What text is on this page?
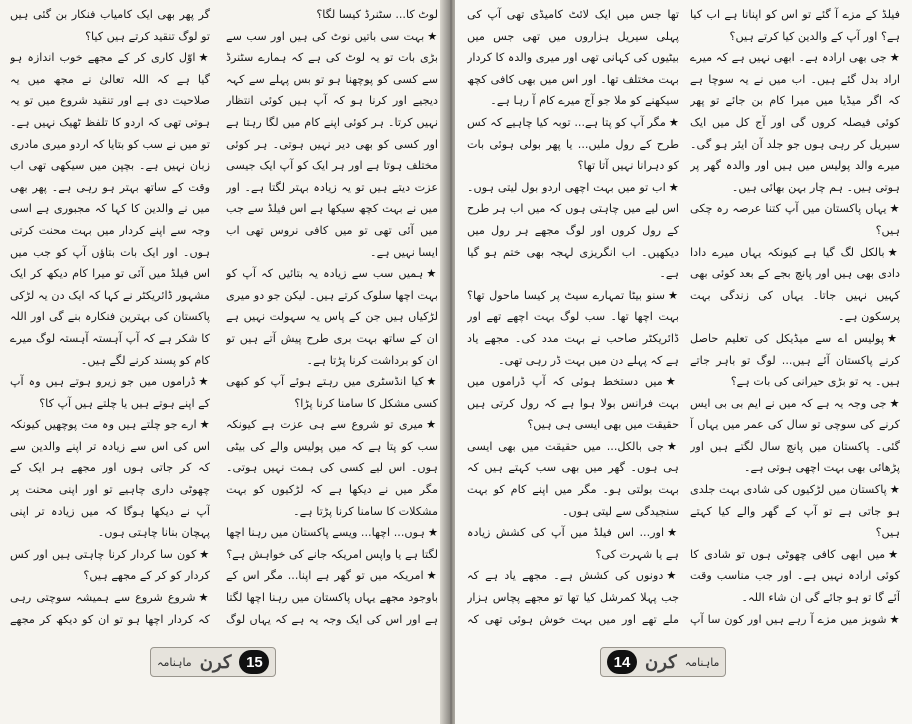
گر پھر بھی ایک کامیاب فنکار بن گئی ہیں تو لوگ تنقید کرتے ہیں کیا؟
★اوّل کاری کر کے مجھے خوب اندازہ ہو گیا ہے کہ اللہ تعالیٰ نے مجھ میں یہ صلاحیت دی ہے اور تنقید شروع میں تو یہ ہوتی تھی کہ اردو کا تلفظ ٹھیک نہیں ہے۔ تو میں نے سب کو بتایا کہ اردو میری مادری زبان نہیں ہے۔ بچپن میں سیکھی تھی اب وقت کے ساتھ بہتر ہو رہی ہے۔ پھر بھی میں نے والدین کا کہا کہ مجبوری ہے اسی وجہ سے اپنے کردار میں بہت محنت کرتی ہوں۔ اور ایک بات بتاؤں آپ کو جب میں اس فیلڈ میں آئی تو میرا کام دیکھ کر ایک مشہور ڈائریکٹر نے کہا کہ ایک دن یہ لڑکی پاکستان کی بہترین فنکارہ بنے گی اور اللہ کا شکر ہے کہ آپ آہستہ آہستہ لوگ میرے کام کو پسند کرنے لگے ہیں۔
★ڈراموں میں جو زیرو ہوتے ہیں وہ آپ کے اپنے ہوتے ہیں یا چلتے ہیں آپ کا؟
★ارے جو چلتے ہیں وہ مت پوچھیں کیونکہ اس کی اس سے زیادہ تر اپنے والدین سے کہ کر جاتی ہوں اور مجھے ہر ایک کے چھوٹی داری چاہیے تو اور اپنی محنت پر آپ نے دیکھا ہوگا کہ میں زیادہ تر اپنی پہچان بنانا چاہتی ہوں۔
★کون سا کردار کرنا چاہتی ہیں اور کس کردار کو کر کے مجھے ہیں؟
★شروع شروع سے ہمیشہ سوچتی رہی کہ کردار اچھا ہو تو ان کو دیکھ کر مجھے
لوٹ کا... سٹنرڈ کیسا لگا؟
★بہت سی باتیں نوٹ کی ہیں اور سب سے بڑی بات تو یہ لوٹ کی ہے کہ ہمارے سٹنرڈ سے کسی کو پوچھنا ہو تو بس پہلے سے کہہ دیجیے اور کرنا ہو کہ آپ ہیں کوئی انتظار نہیں کرتا۔ ہر کوئی اپنے کام میں لگا رہتا ہے اور کسی کو بھی دیر نہیں ہوتی۔ ہر کوئی مختلف ہوتا ہے اور ہر ایک کو آپ ایک جیسی عزت دیتے ہیں تو یہ زیادہ بہتر لگتا ہے۔ اور میں نے بہت کچھ سیکھا ہے اس فیلڈ سے جب میں آئی تھی تو میں کافی نروس تھی اب ایسا نہیں ہے۔
★ہمیں سب سے زیادہ یہ بتائیں کہ آپ کو بہت اچھا سلوک کرتے ہیں۔ لیکن جو دو میری لڑکیاں ہیں جن کے پاس یہ سہولت نہیں ہے ان کے ساتھ بہت بری طرح پیش آتے ہیں تو ان کو برداشت کرنا پڑتا ہے۔
★کیا انڈسٹری میں رہتے ہوئے آپ کو کبھی کسی مشکل کا سامنا کرنا پڑا؟
★میری تو شروع سے ہی عزت ہے کیونکہ سب کو پتا ہے کہ میں پولیس والے کی بیٹی ہوں۔ اس لیے کسی کی ہمت نہیں ہوتی۔ مگر میں نے دیکھا ہے کہ لڑکیوں کو بہت مشکلات کا سامنا کرنا پڑتا ہے۔
★ہوں... اچھا... ویسے پاکستان میں رہنا اچھا لگتا ہے یا واپس امریکہ جانے کی خواہش ہے؟
★امریکہ میں تو گھر ہے اپنا... مگر اس کے باوجود مجھے یہاں پاکستان میں رہنا اچھا لگتا ہے اور اس کی ایک وجہ یہ ہے کہ یہاں لوگ
ماہنامہ کرن 15
تھا جس میں ایک لائٹ کامیڈی تھی آپ کی پہلی سیریل ہزاروں میں تھی جس میں بیٹیوں کی کہانی تھی اور میری والدہ کا کردار بہت مختلف تھا۔ اور اس میں بھی کافی کچھ سیکھنے کو ملا جو آج میرے کام آ رہا ہے۔
★مگر آپ کو پتا ہے... توبہ کیا چاہیے کہ کس طرح کے رول ملیں... یا پھر بولی ہوئی بات کو دہرانا نہیں آتا تھا؟
★اب تو میں بہت اچھی اردو بول لیتی ہوں۔ اس لیے میں چاہتی ہوں کہ میں اب ہر طرح کے رول کروں اور لوگ مجھے ہر رول میں دیکھیں۔ اب انگریزی لہجہ بھی ختم ہو گیا ہے۔
★سنو بیٹا تمہارے سیٹ پر کیسا ماحول تھا؟ بہت اچھا تھا۔ سب لوگ بہت اچھے تھے اور ڈائریکٹر صاحب نے بہت مدد کی۔ مجھے یاد ہے کہ پہلے دن میں بہت ڈر رہی تھی۔
★میں دستخط ہوئی کہ آپ ڈراموں میں بہت فرانس بولا ہوا ہے کہ رول کرتی ہیں حقیقت میں بھی ایسی ہی ہیں؟
★جی بالکل... میں حقیقت میں بھی ایسی ہی ہوں۔ گھر میں بھی سب کہتے ہیں کہ بہت بولتی ہو۔ مگر میں اپنے کام کو بہت سنجیدگی سے لیتی ہوں۔
★اور... اس فیلڈ میں آپ کی کشش زیادہ ہے یا شہرت کی؟
★دونوں کی کشش ہے۔ مجھے یاد ہے کہ جب پہلا کمرشل کیا تھا تو مجھے پچاس ہزار ملے تھے اور میں بہت خوش ہوئی تھی کہ
فیلڈ کے مزے آ گئے تو اس کو اپنانا ہے اب کیا ہے؟ اور آپ کے والدین کیا کرتے ہیں؟
★جی بھی ارادہ ہے۔ ابھی نہیں ہے کہ میرے اراد بدل گئے ہیں۔ اب میں نے یہ سوچا ہے کہ اگر میڈیا میں میرا کام بن جائے تو پھر کوئی فیصلہ کروں گی اور آج کل میں ایک سیریل کر رہی ہوں جو جلد آن ایئر ہو گی۔ میرے والد پولیس میں ہیں اور والدہ گھر پر ہوتی ہیں۔ ہم چار بہن بھائی ہیں۔
★یہاں پاکستان میں آپ کتنا عرصہ رہ چکی ہیں؟
★بالکل لگ گیا ہے کیونکہ یہاں میرے دادا دادی بھی ہیں اور پانچ بجے کے بعد کوئی بھی کہیں نہیں جاتا۔ یہاں کی زندگی بہت پرسکون ہے۔
★پولیس اے سے میڈیکل کی تعلیم حاصل کرنے پاکستان آئے ہیں... لوگ تو باہر جاتے ہیں۔ یہ تو بڑی حیرانی کی بات ہے؟
★جی وجہ یہ ہے کہ میں نے ایم بی بی ایس کرنے کی سوچی تو سال کی عمر میں یہاں آ گئی۔ پاکستان میں پانچ سال لگتے ہیں اور پڑھائی بھی بہت اچھی ہوتی ہے۔
★پاکستان میں لڑکیوں کی شادی بہت جلدی ہو جاتی ہے تو آپ کے گھر والے کیا کہتے ہیں؟
★میں ابھی کافی چھوٹی ہوں تو شادی کا کوئی ارادہ نہیں ہے۔ اور جب مناسب وقت آئے گا تو ہو جائے گی ان شاء اللہ۔
★شوبز میں مزے آ رہے ہیں اور کون سا آپ
14 کرن ماہنامہ
